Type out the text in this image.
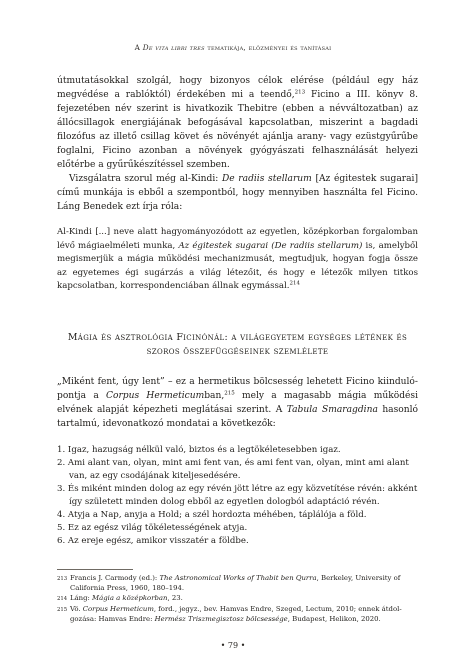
A De vita libri tres tematikája, előzményei és tanításai

útmutatásokkal szolgál, hogy bizonyos célok elérése (például egy ház megvédése a rablóktól) érdekében mi a teendő,$^{213}$ Ficino a III. könyv 8. fejezetében név szerint is hivatkozik Thebitre (ebben a névváltozatban) az állócsillagok energiájának befogásával kapcsolatban, miszerint a bagdadi filozófus az illető csillag követ és növényét ajánlja arany- vagy ezüstgyűrűbe foglalni, Ficino azonban a növények gyógyászati felhasználását helyezi előtérbe a gyűrűkészítéssel szemben.

Vizsgálatra szorul még al-Kindi: De radiis stellarum [Az égitestek sugarai] című munkája is ebből a szempontból, hogy mennyiben használta fel Ficino. Láng Benedek ezt írja róla:

Al-Kindi [...] neve alatt hagyományozódott az egyetlen, középkorban forgalomban lévő mágiaelméleti munka, Az égitestek sugarai (De radiis stellarum) is, amelyből megismerjük a mágia működési mechanizmusát, megtudjuk, hogyan fogja össze az egyetemes égi sugárzás a világ létezőit, és hogy e létezők milyen titkos kapcsolatban, korrespondenciában állnak egymással.$^{214}$

Mágia és asztrológia Ficinónál: a világegyetem egységes létének és szoros összefüggéseinek szemlélete

„Miként fent, úgy lent” – ez a hermetikus bölcsesség lehetett Ficino kiindulópontja a Corpus Hermeticumban,$^{215}$ mely a magasabb mágia működési elvének alapját képezheti meglátásai szerint. A Tabula Smaragdina hasonló tartalmú, idevonatkozó mondatai a következők:

1. Igaz, hazugság nélkül való, biztos és a legtökéletesebben igaz.
2. Ami alant van, olyan, mint ami fent van, és ami fent van, olyan, mint ami alant van, az egy csodájának kiteljesedésére.
3. És miként minden dolog az egy révén jött létre az egy közvetítése révén: akként így született minden dolog ebből az egyetlen dologból adaptáció révén.
4. Atyja a Nap, anyja a Hold; a szél hordozta méhében, táplálója a föld.
5. Ez az egész világ tökéletességének atyja.
6. Az ereje egész, amikor visszatér a földbe.

213 Francis J. Carmody (ed.): The Astronomical Works of Thabit ben Qurra, Berkeley, University of California Press, 1960, 180–194.

214 Láng: Mágia a középkorban, 23.

215 Vö. Corpus Hermeticum, ford., jegyz., bev. Hamvas Endre, Szeged, Lectum, 2010; ennek átdolgozása: Hamvas Endre: Hermész Triszmegisztosz bölcsessége, Budapest, Helikon, 2020.

• 79 •
